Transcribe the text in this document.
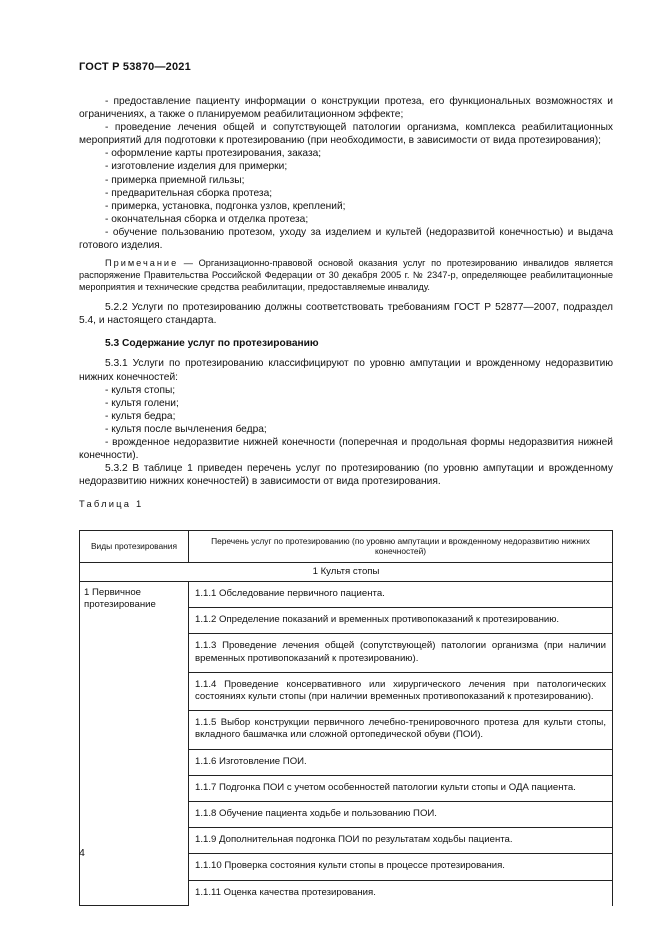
ГОСТ Р 53870—2021

- предоставление пациенту информации о конструкции протеза, его функциональных возможностях и ограничениях, а также о планируемом реабилитационном эффекте;

- проведение лечения общей и сопутствующей патологии организма, комплекса реабилитационных мероприятий для подготовки к протезированию (при необходимости, в зависимости от вида протезирования);

- оформление карты протезирования, заказа;

- изготовление изделия для примерки;

- примерка приемной гильзы;

- предварительная сборка протеза;

- примерка, установка, подгонка узлов, креплений;

- окончательная сборка и отделка протеза;

- обучение пользованию протезом, уходу за изделием и культей (недоразвитой конечностью) и выдача готового изделия.

Примечание — Организационно-правовой основой оказания услуг по протезированию инвалидов является распоряжение Правительства Российской Федерации от 30 декабря 2005 г. № 2347-р, определяющее реабилитационные мероприятия и технические средства реабилитации, предоставляемые инвалиду.

5.2.2 Услуги по протезированию должны соответствовать требованиям ГОСТ Р 52877—2007, подраздел 5.4, и настоящего стандарта.

5.3 Содержание услуг по протезированию

5.3.1 Услуги по протезированию классифицируют по уровню ампутации и врожденному недоразвитию нижних конечностей:

- культя стопы;

- культя голени;

- культя бедра;

- культя после вычленения бедра;

- врожденное недоразвитие нижней конечности (поперечная и продольная формы недоразвития нижней конечности).

5.3.2 В таблице 1 приведен перечень услуг по протезированию (по уровню ампутации и врожденному недоразвитию нижних конечностей) в зависимости от вида протезирования.

Таблица 1

Виды протезирования	Перечень услуг по протезированию (по уровню ампутации и врожденному недоразвитию нижних конечностей)
1 Культя стопы	
1 Первичное протезирование	1.1.1 Обследование первичного пациента.
	1.1.2 Определение показаний и временных противопоказаний к протезированию.
	1.1.3 Проведение лечения общей (сопутствующей) патологии организма (при наличии временных противопоказаний к протезированию).
	1.1.4 Проведение консервативного или хирургического лечения при патологических состояниях культи стопы (при наличии временных противопоказаний к протезированию).
	1.1.5 Выбор конструкции первичного лечебно-тренировочного протеза для культи стопы, вкладного башмачка или сложной ортопедической обуви (ПОИ).
	1.1.6 Изготовление ПОИ.
	1.1.7 Подгонка ПОИ с учетом особенностей патологии культи стопы и ОДА пациента.
	1.1.8 Обучение пациента ходьбе и пользованию ПОИ.
	1.1.9 Дополнительная подгонка ПОИ по результатам ходьбы пациента.
	1.1.10 Проверка состояния культи стопы в процессе протезирования.
	1.1.11 Оценка качества протезирования.
4
